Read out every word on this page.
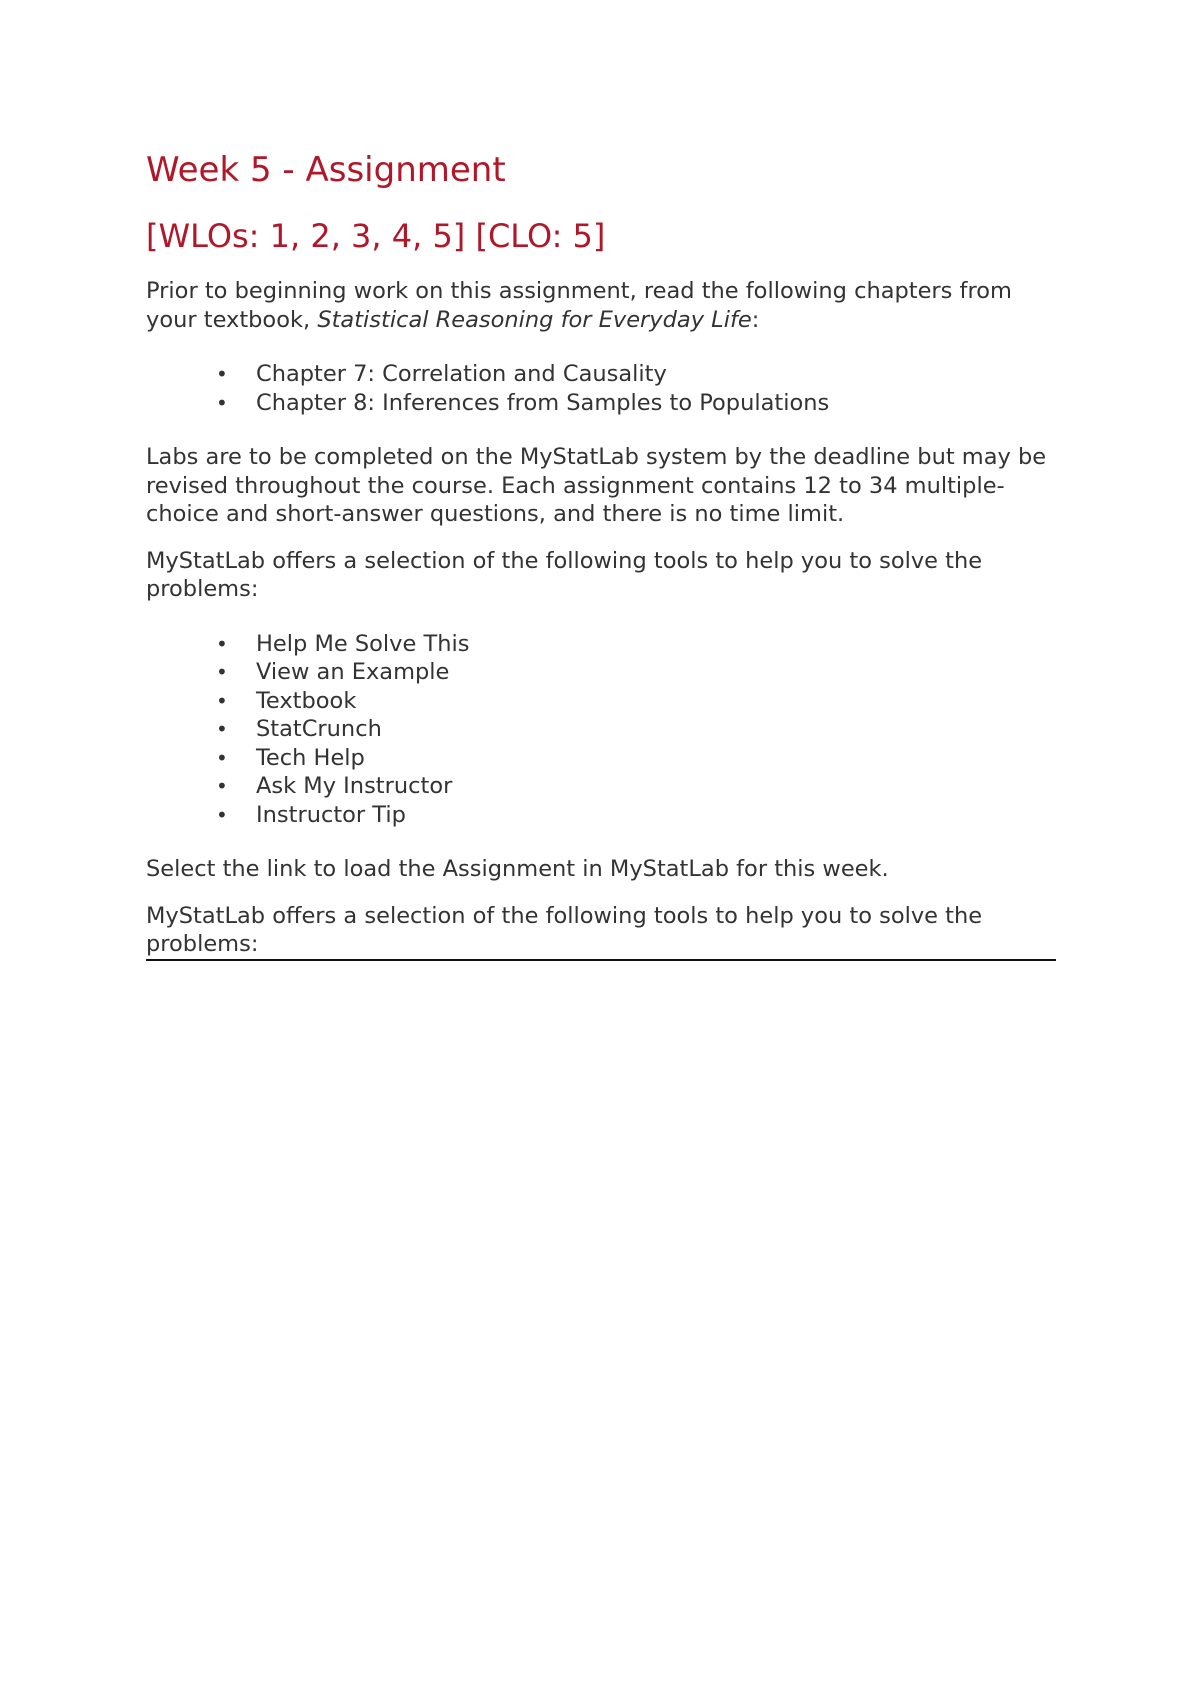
Week 5 - Assignment
[WLOs: 1, 2, 3, 4, 5] [CLO: 5]

Prior to beginning work on this assignment, read the following chapters from your textbook, Statistical Reasoning for Everyday Life:

• Chapter 7: Correlation and Causality
• Chapter 8: Inferences from Samples to Populations

Labs are to be completed on the MyStatLab system by the deadline but may be revised throughout the course. Each assignment contains 12 to 34 multiple-choice and short-answer questions, and there is no time limit.

MyStatLab offers a selection of the following tools to help you to solve the problems:

• Help Me Solve This
• View an Example
• Textbook
• StatCrunch
• Tech Help
• Ask My Instructor
• Instructor Tip

Select the link to load the Assignment in MyStatLab for this week.

MyStatLab offers a selection of the following tools to help you to solve the problems:
